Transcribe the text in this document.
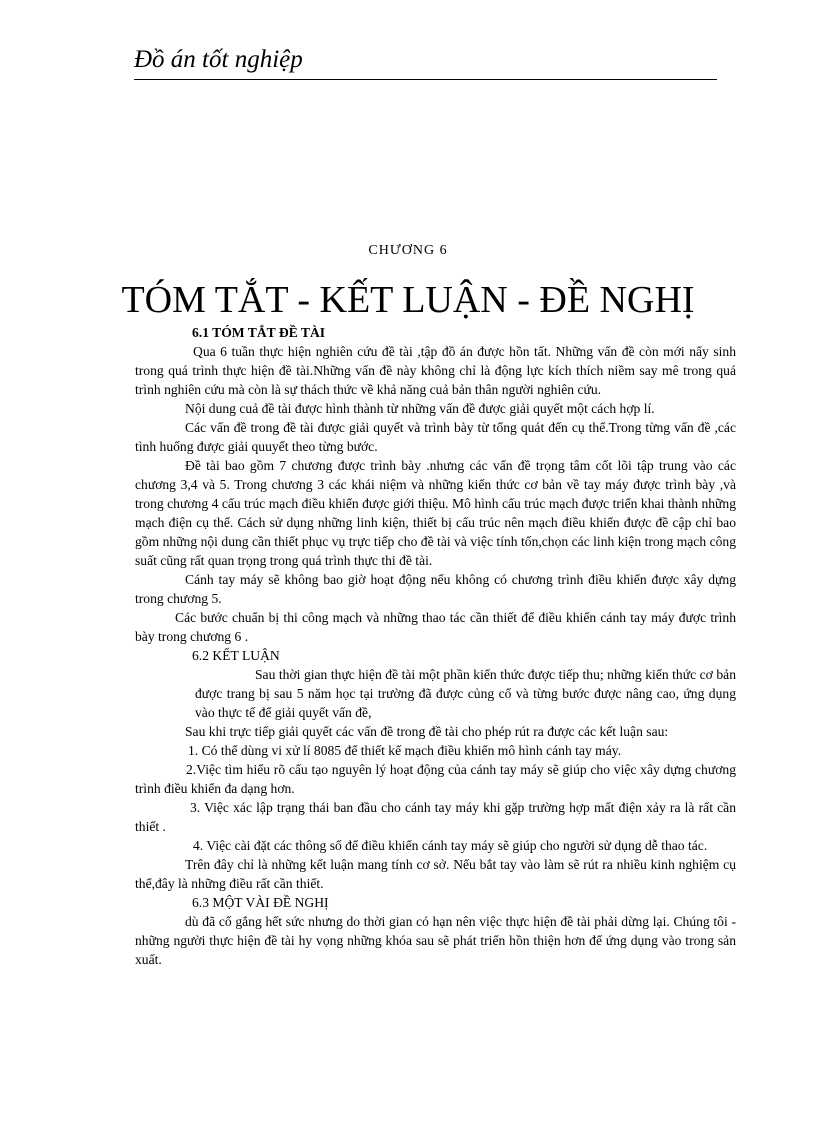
Đồ án tốt nghiệp
CHƯƠNG 6
TÓM TẮT - KẾT LUẬN - ĐỀ NGHỊ

6.1 TÓM TẮT ĐỀ TÀI

Qua 6 tuần thực hiện nghiên cứu đề tài ,tập đồ án được hồn tất. Những vấn đề còn mới nẩy sinh trong quá trình thực hiện đề tài.Những vấn đề này không chỉ là động lực kích thích niềm say mê trong quá trình nghiên cứu mà còn là sự thách thức về khả năng cuả bản thân người nghiên cứu.

Nội dung cuả đề tài được hình thành từ những vấn đề được giải quyết một cách hợp lí.

Các vấn đề trong đề tài được giải quyết và trình bày từ tổng quát đến cụ thể.Trong từng vấn đề ,các tình huống được giải quuyết theo từng bước.

Đề tài bao gồm 7 chương được trình bày .nhưng các vấn đề trọng tâm cốt lõi tập trung vào các chương 3,4 và 5. Trong chương 3 các khái niệm và những kiến thức cơ bản về tay máy được trình bày ,và trong chương 4 cấu trúc mạch điều khiển được giới thiệu. Mô hình cấu trúc mạch được triển khai thành những mạch điện cụ thể. Cách sử dụng những linh kiện, thiết bị cấu trúc nên mạch điều khiển được đề cập chỉ bao gồm những nội dung cần thiết phục vụ trực tiếp cho đề tài và việc tính tốn,chọn các linh kiện trong mạch công suất cũng rất quan trọng trong quá trình thực thi đề tài.

Cánh tay máy sẽ không bao giờ hoạt động nếu không có chương trình điều khiển được xây dựng trong chương 5.

Các bước chuẩn bị thi công mạch và những thao tác cần thiết để điều khiển cánh tay máy được trình bày trong chương 6 .

6.2 KẾT LUẬN

Sau thời gian thực hiện đề tài một phần kiến thức được tiếp thu; những kiến thức cơ bản được trang bị sau 5 năm học tại trường đã được củng cố và từng bước được nâng cao, ứng dụng vào thực tế để giải quyết vấn đề,

Sau khi trực tiếp giải quyết các vấn đề trong đề tài cho phép rút ra được các kết luận sau:

1. Có thể dùng vi xử lí 8085 để thiết kế mạch điều khiển mô hình cánh tay máy.

2.Việc tìm hiểu rõ cấu tạo nguyên lý hoạt động của cánh tay máy sẽ giúp cho việc xây dựng chương trình điều khiển đa dạng hơn.

3. Việc xác lập trạng thái ban đầu cho cánh tay máy khi gặp trường hợp mất điện xảy ra là rất cần thiết .

4. Việc cài đặt các thông số để điều khiển cánh tay máy sẽ giúp cho người sử dụng dễ thao tác.

Trên đây chỉ là những kết luận mang tính cơ sở. Nếu bắt tay vào làm sẽ rút ra nhiều kinh nghiệm cụ thể,đây là những điều rất cần thiết.

6.3 MỘT VÀI ĐỀ NGHỊ

dù đã cố gắng hết sức nhưng do thời gian có hạn nên việc thực hiện đề tài phải dừng lại. Chúng tôi - những người thực hiện đề tài hy vọng những khóa sau sẽ phát triển hồn thiện hơn để ứng dụng vào trong sản xuất.
